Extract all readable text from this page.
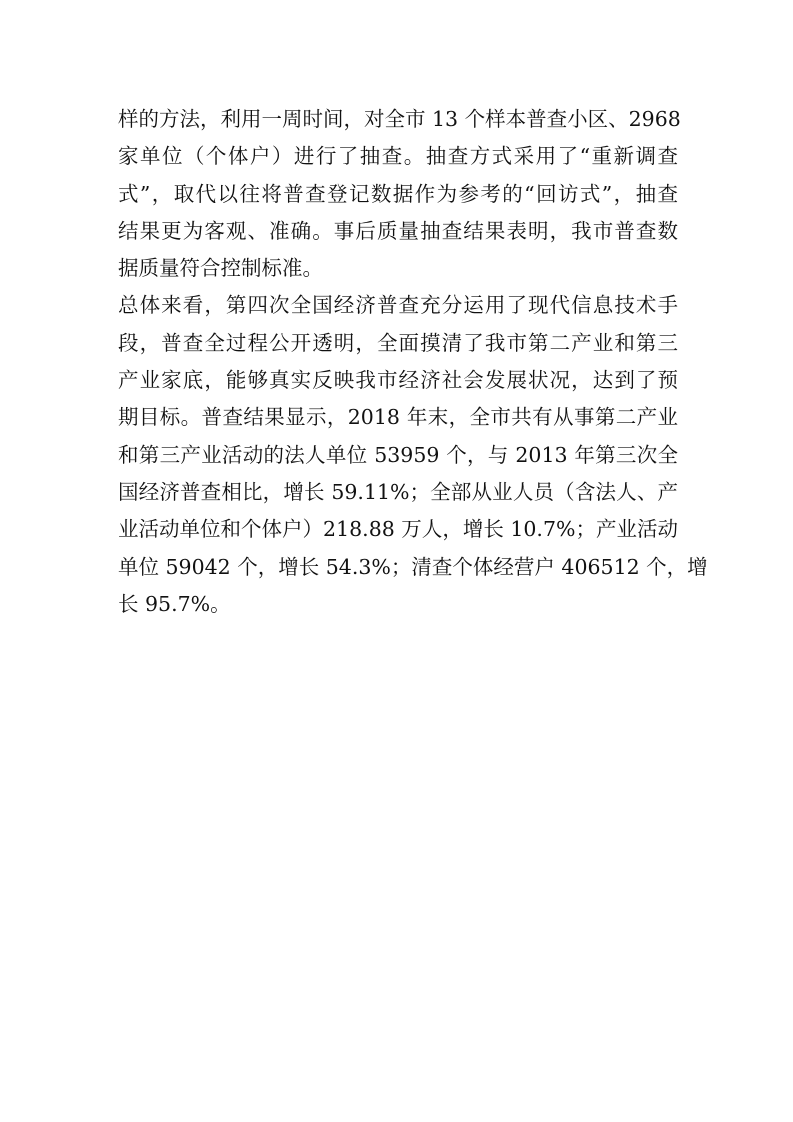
样的方法，利用一周时间，对全市 13 个样本普查小区、2968
家单位（个体户）进行了抽查。抽查方式采用了“重新调查
式”，取代以往将普查登记数据作为参考的“回访式”，抽查
结果更为客观、准确。事后质量抽查结果表明，我市普查数
据质量符合控制标准。
总体来看，第四次全国经济普查充分运用了现代信息技术手
段，普查全过程公开透明，全面摸清了我市第二产业和第三
产业家底，能够真实反映我市经济社会发展状况，达到了预
期目标。普查结果显示，2018 年末，全市共有从事第二产业
和第三产业活动的法人单位 53959 个，与 2013 年第三次全
国经济普查相比，增长 59.11%；全部从业人员（含法人、产
业活动单位和个体户）218.88 万人，增长 10.7%；产业活动
单位 59042 个，增长 54.3%；清查个体经营户 406512 个，增
长 95.7%。
